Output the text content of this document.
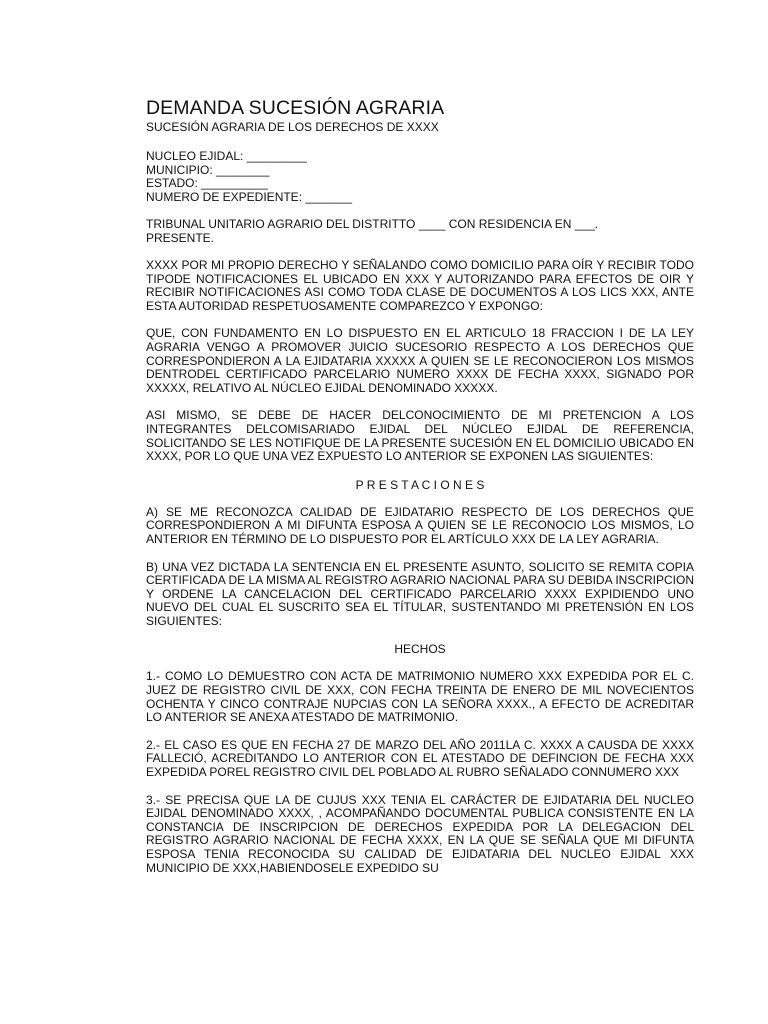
DEMANDA SUCESIÓN AGRARIA

SUCESIÓN AGRARIA DE LOS DERECHOS DE XXXX

NUCLEO EJIDAL: _________

MUNICIPIO: ________

ESTADO: __________

NUMERO DE EXPEDIENTE: _______

TRIBUNAL UNITARIO AGRARIO DEL DISTRITTO ____ CON RESIDENCIA EN ___.

PRESENTE.

XXXX POR MI PROPIO DERECHO Y SEÑALANDO COMO DOMICILIO PARA OÍR Y RECIBIR TODO TIPODE NOTIFICACIONES EL UBICADO EN XXX Y AUTORIZANDO PARA EFECTOS DE OIR Y RECIBIR NOTIFICACIONES ASI COMO TODA CLASE DE DOCUMENTOS A LOS LICS XXX, ANTE ESTA AUTORIDAD RESPETUOSAMENTE COMPAREZCO Y EXPONGO:

QUE, CON FUNDAMENTO EN LO DISPUESTO EN EL ARTICULO 18 FRACCION I DE LA LEY AGRARIA VENGO A PROMOVER JUICIO SUCESORIO RESPECTO A LOS DERECHOS QUE CORRESPONDIERON A LA EJIDATARIA XXXXX A QUIEN SE LE RECONOCIERON LOS MISMOS DENTRODEL CERTIFICADO PARCELARIO NUMERO XXXX DE FECHA XXXX, SIGNADO POR XXXXX, RELATIVO AL NÚCLEO EJIDAL DENOMINADO XXXXX.

ASI MISMO, SE DEBE DE HACER DELCONOCIMIENTO DE MI PRETENCION A LOS INTEGRANTES DELCOMISARIADO EJIDAL DEL NÚCLEO EJIDAL DE REFERENCIA, SOLICITANDO SE LES NOTIFIQUE DE LA PRESENTE SUCESIÓN EN EL DOMICILIO UBICADO EN XXXX, POR LO QUE UNA VEZ EXPUESTO LO ANTERIOR SE EXPONEN LAS SIGUIENTES:

P R E S T A C I O N E S

A) SE ME RECONOZCA CALIDAD DE EJIDATARIO RESPECTO DE LOS DERECHOS QUE CORRESPONDIERON A MI DIFUNTA ESPOSA A QUIEN SE LE RECONOCIO LOS MISMOS, LO ANTERIOR EN TÉRMINO DE LO DISPUESTO POR EL ARTÍCULO XXX DE LA LEY AGRARIA.

B) UNA VEZ DICTADA LA SENTENCIA EN EL PRESENTE ASUNTO, SOLICITO SE REMITA COPIA CERTIFICADA DE LA MISMA AL REGISTRO AGRARIO NACIONAL PARA SU DEBIDA INSCRIPCION Y ORDENE LA CANCELACION DEL CERTIFICADO PARCELARIO XXXX EXPIDIENDO UNO NUEVO DEL CUAL EL SUSCRITO SEA EL TÍTULAR, SUSTENTANDO MI PRETENSIÓN EN LOS SIGUIENTES:

HECHOS

1.- COMO LO DEMUESTRO CON ACTA DE MATRIMONIO NUMERO XXX EXPEDIDA POR EL C. JUEZ DE REGISTRO CIVIL DE XXX, CON FECHA TREINTA DE ENERO DE MIL NOVECIENTOS OCHENTA Y CINCO CONTRAJE NUPCIAS CON LA SEÑORA XXXX., A EFECTO DE ACREDITAR LO ANTERIOR SE ANEXA ATESTADO DE MATRIMONIO.

2.- EL CASO ES QUE EN FECHA 27 DE MARZO DEL AÑO 2011LA C. XXXX A CAUSDA DE XXXX FALLECIÓ, ACREDITANDO LO ANTERIOR CON EL ATESTADO DE DEFINCION DE FECHA XXX EXPEDIDA POREL REGISTRO CIVIL DEL POBLADO AL RUBRO SEÑALADO CONNUMERO XXX

3.- SE PRECISA QUE LA DE CUJUS XXX TENIA EL CARÁCTER DE EJIDATARIA DEL NUCLEO EJIDAL DENOMINADO XXXX, , ACOMPAÑANDO DOCUMENTAL PUBLICA CONSISTENTE EN LA CONSTANCIA DE INSCRIPCION DE DERECHOS EXPEDIDA POR LA DELEGACION DEL REGISTRO AGRARIO NACIONAL DE FECHA XXXX, EN LA QUE SE SEÑALA QUE MI DIFUNTA ESPOSA TENIA RECONOCIDA SU CALIDAD DE EJIDATARIA DEL NUCLEO EJIDAL XXX MUNICIPIO DE XXX,HABIENDOSELE EXPEDIDO SU
